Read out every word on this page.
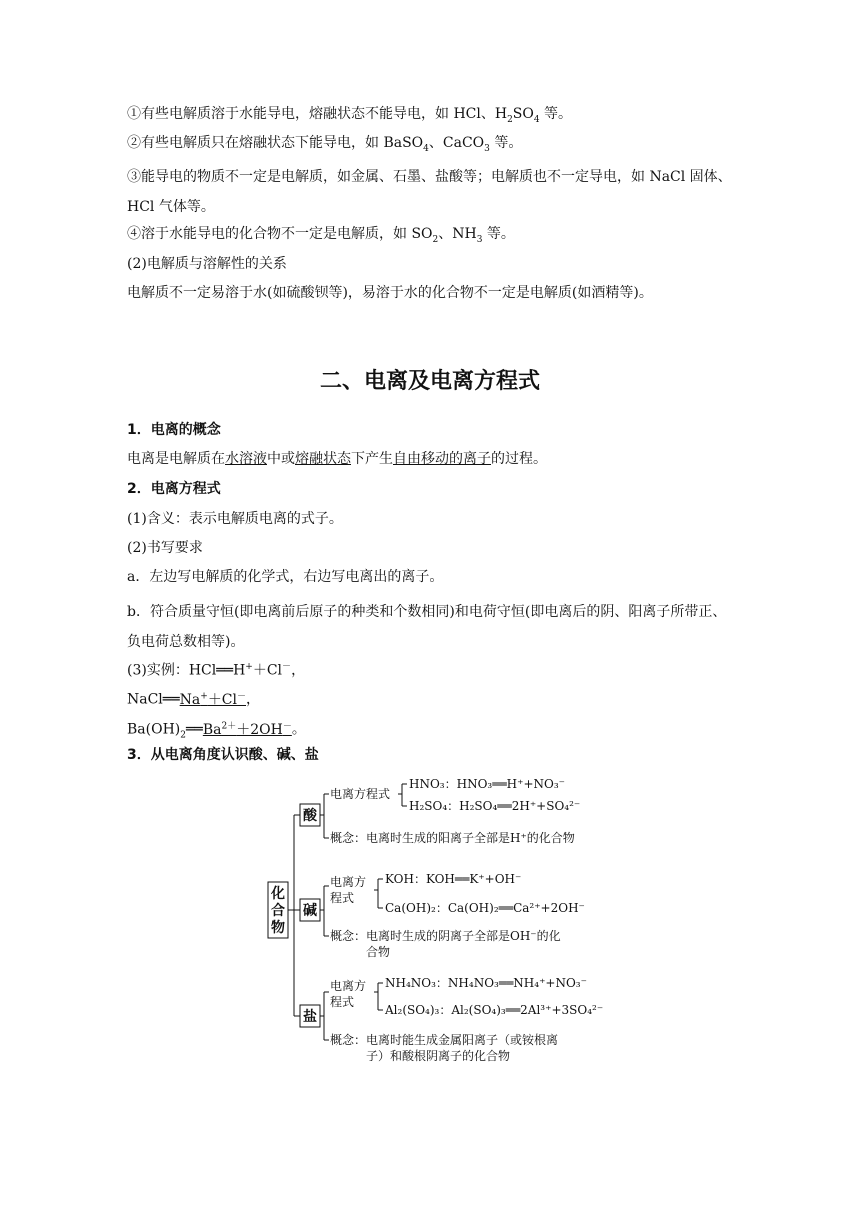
①有些电解质溶于水能导电，熔融状态不能导电，如 HCl、$H_2SO_4$ 等。
②有些电解质只在熔融状态下能导电，如 BaSO$_4$、CaCO$_3$ 等。
③能导电的物质不一定是电解质，如金属、石墨、盐酸等；电解质也不一定导电，如 NaCl 固体、HCl 气体等。
④溶于水能导电的化合物不一定是电解质，如 $SO_2$、$NH_3$ 等。
(2)电解质与溶解性的关系
电解质不一定易溶于水(如硫酸钡等)，易溶于水的化合物不一定是电解质(如酒精等)。
二、电离及电离方程式
1．电离的概念
电离是电解质在水溶液中或熔融状态下产生自由移动的离子的过程。
2．电离方程式
(1)含义：表示电解质电离的式子。
(2)书写要求
a．左边写电解质的化学式，右边写电离出的离子。
b．符合质量守恒(即电离前后原子的种类和个数相同)和电荷守恒(即电离后的阴、阳离子所带正、负电荷总数相等)。
(3)实例：HCl══H+＋Cl－，
NaCl══Na+＋Cl－，
$Ba(OH)_2══Ba^{2+}+2OH^-$。
3．从电离角度认识酸、碱、盐
化
合
物
酸
碱
盐
电离方程式
HNO₃：HNO₃══H⁺+NO₃⁻
H₂SO₄：H₂SO₄══2H⁺+SO₄²⁻
概念：电离时生成的阳离子全部是H⁺的化合物
电离方
程式
KOH：KOH══K⁺+OH⁻
Ca(OH)₂：Ca(OH)₂══Ca²⁺+2OH⁻
概念：电离时生成的阴离子全部是OH⁻的化
合物
电离方
程式
NH₄NO₃：NH₄NO₃══NH₄⁺+NO₃⁻
Al₂(SO₄)₃：Al₂(SO₄)₃══2Al³⁺+3SO₄²⁻
概念：电离时能生成金属阳离子（或铵根离
子）和酸根阴离子的化合物
